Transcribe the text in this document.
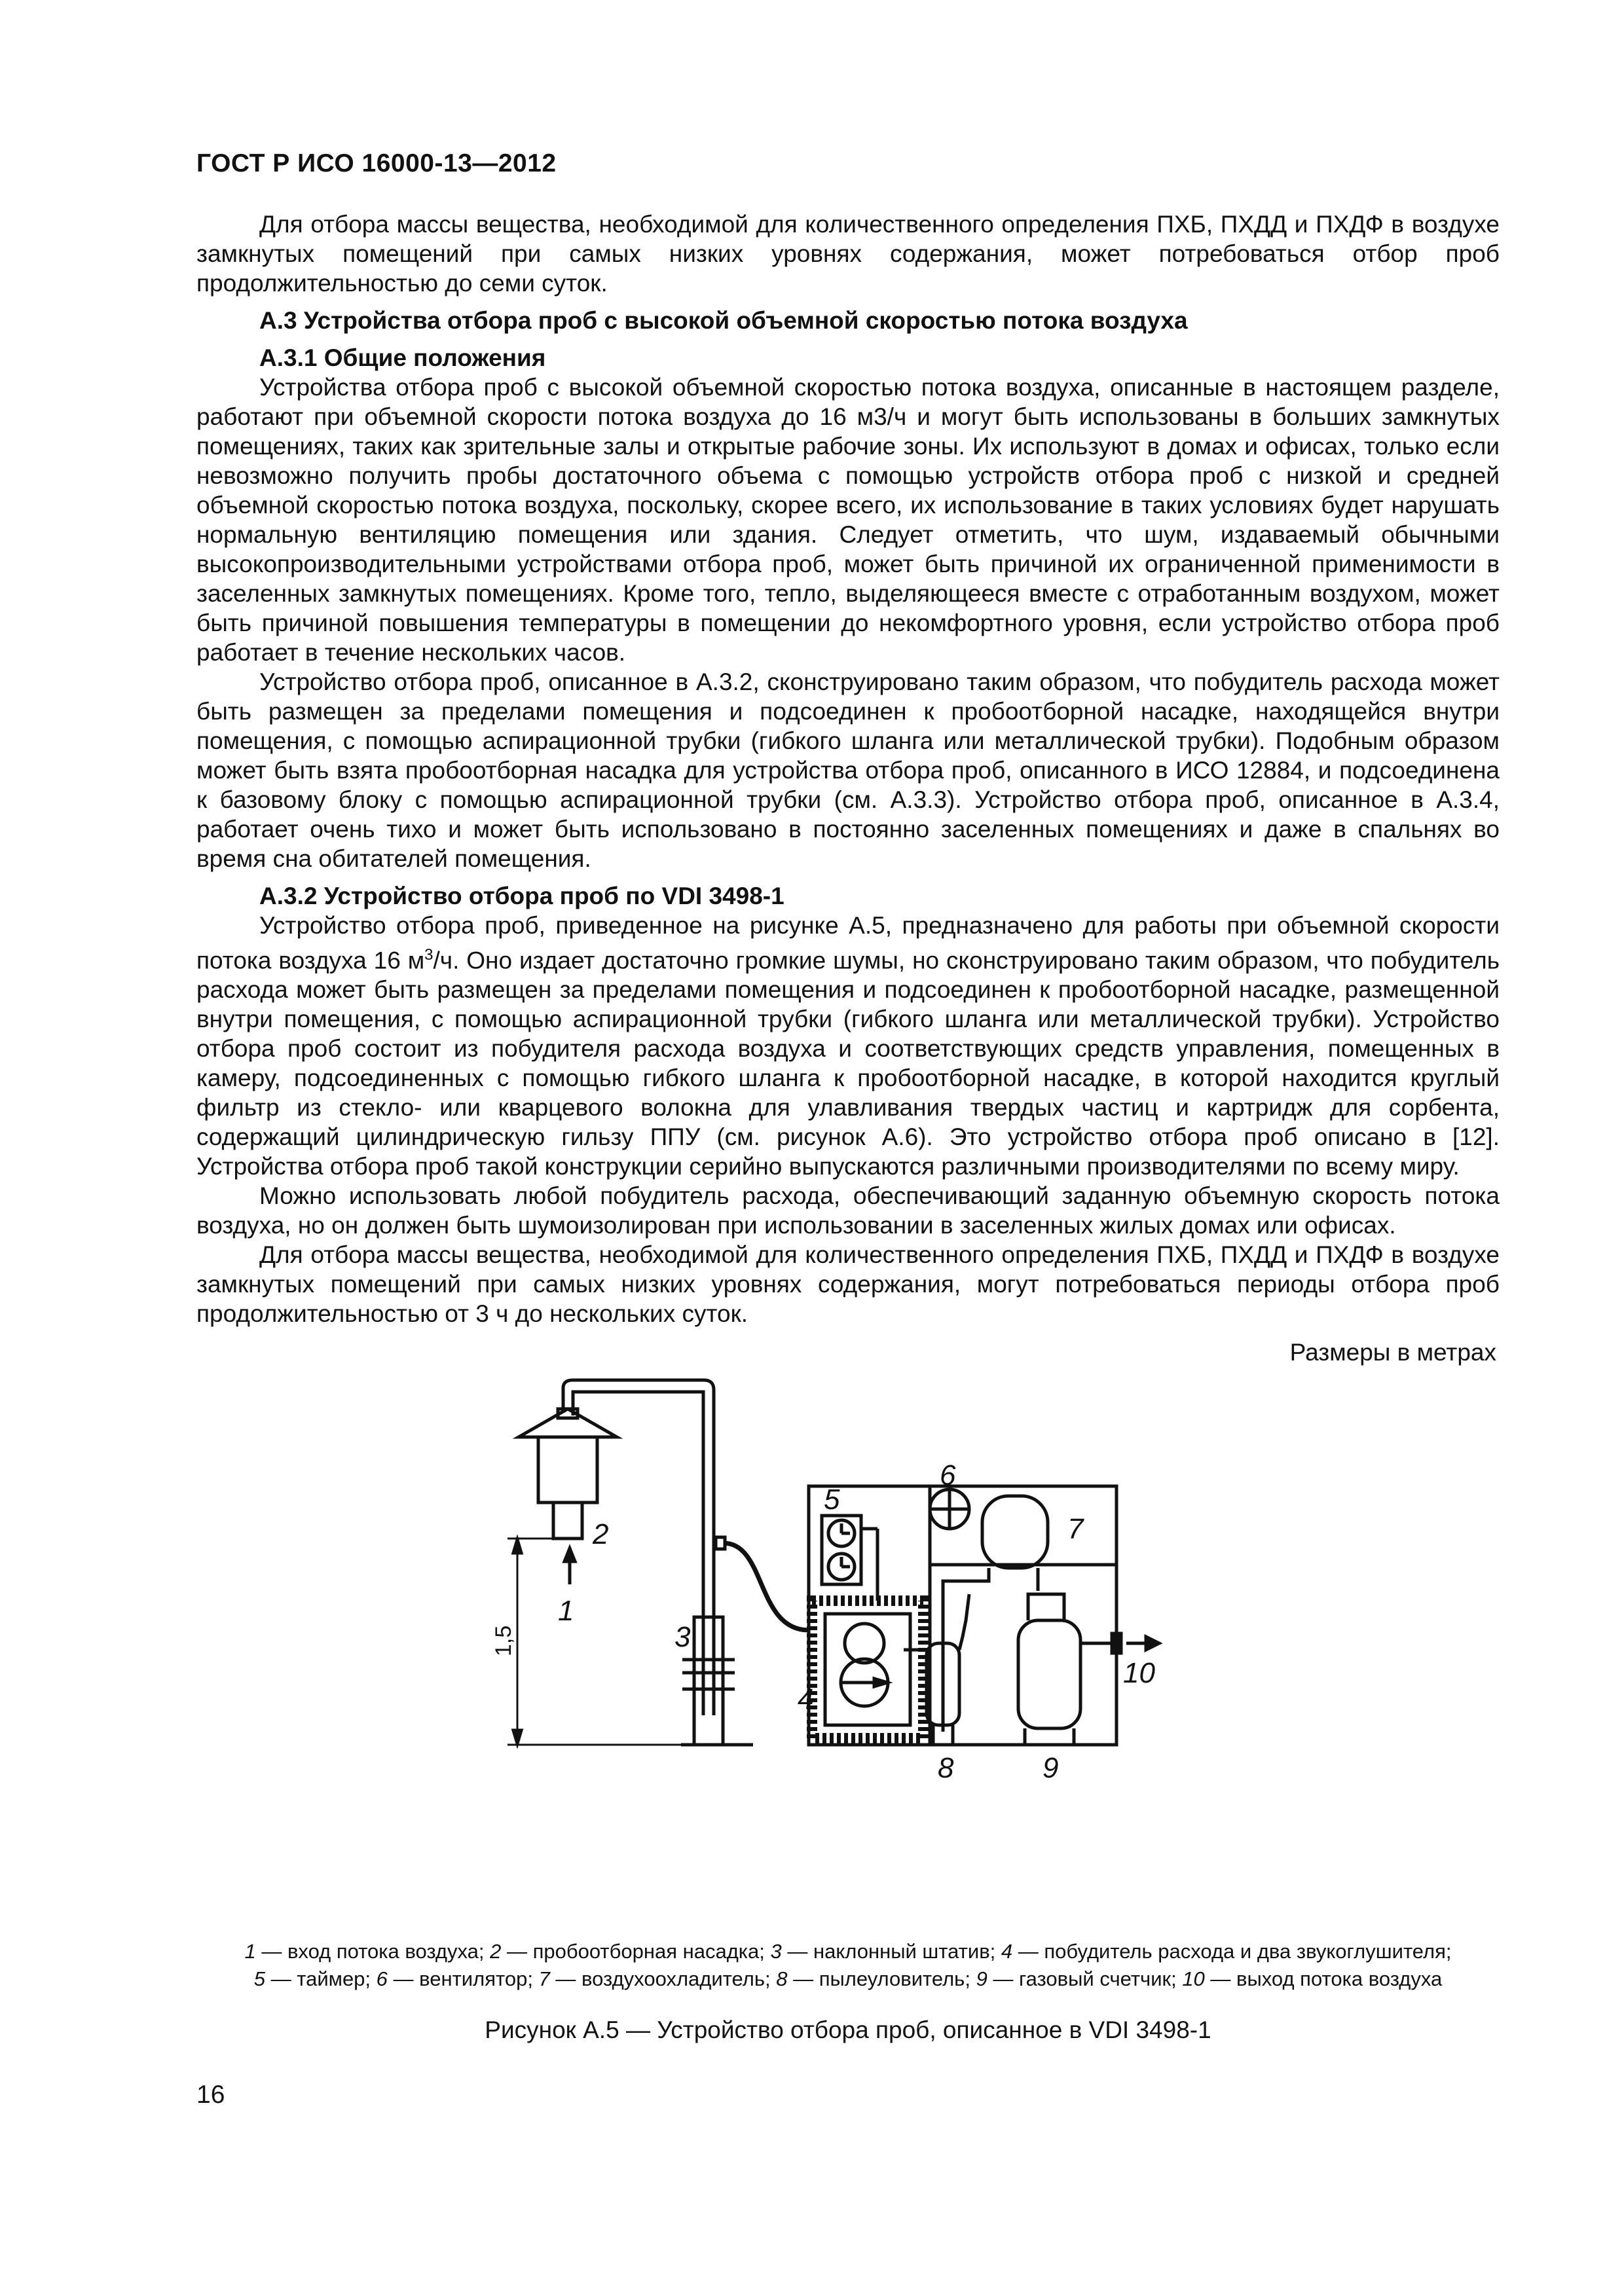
ГОСТ Р ИСО 16000-13—2012

Для отбора массы вещества, необходимой для количественного определения ПХБ, ПХДД и ПХДФ в воздухе замкнутых помещений при самых низких уровнях содержания, может потребоваться отбор проб продолжительностью до семи суток.

А.3 Устройства отбора проб с высокой объемной скоростью потока воздуха

А.3.1 Общие положения

Устройства отбора проб с высокой объемной скоростью потока воздуха, описанные в настоящем разделе, работают при объемной скорости потока воздуха до 16 м3/ч и могут быть использованы в больших замкнутых помещениях, таких как зрительные залы и открытые рабочие зоны. Их используют в домах и офисах, только если невозможно получить пробы достаточного объема с помощью устройств отбора проб с низкой и средней объемной скоростью потока воздуха, поскольку, скорее всего, их использование в таких условиях будет нарушать нормальную вентиляцию помещения или здания. Следует отметить, что шум, издаваемый обычными высокопроизводительными устройствами отбора проб, может быть причиной их ограниченной применимости в заселенных замкнутых помещениях. Кроме того, тепло, выделяющееся вместе с отработанным воздухом, может быть причиной повышения температуры в помещении до некомфортного уровня, если устройство отбора проб работает в течение нескольких часов.

Устройство отбора проб, описанное в А.3.2, сконструировано таким образом, что побудитель расхода может быть размещен за пределами помещения и подсоединен к пробоотборной насадке, находящейся внутри помещения, с помощью аспирационной трубки (гибкого шланга или металлической трубки). Подобным образом может быть взята пробоотборная насадка для устройства отбора проб, описанного в ИСО 12884, и подсоединена к базовому блоку с помощью аспирационной трубки (см. А.3.3). Устройство отбора проб, описанное в А.3.4, работает очень тихо и может быть использовано в постоянно заселенных помещениях и даже в спальнях во время сна обитателей помещения.

А.3.2 Устройство отбора проб по VDI 3498-1

Устройство отбора проб, приведенное на рисунке А.5, предназначено для работы при объемной скорости потока воздуха 16 $м^3/ч$. Оно издает достаточно громкие шумы, но сконструировано таким образом, что побудитель расхода может быть размещен за пределами помещения и подсоединен к пробоотборной насадке, размещенной внутри помещения, с помощью аспирационной трубки (гибкого шланга или металлической трубки). Устройство отбора проб состоит из побудителя расхода воздуха и соответствующих средств управления, помещенных в камеру, подсоединенных с помощью гибкого шланга к пробоотборной насадке, в которой находится круглый фильтр из стекло- или кварцевого волокна для улавливания твердых частиц и картридж для сорбента, содержащий цилиндрическую гильзу ППУ (см. рисунок А.6). Это устройство отбора проб описано в [12]. Устройства отбора проб такой конструкции серийно выпускаются различными производителями по всему миру.

Можно использовать любой побудитель расхода, обеспечивающий заданную объемную скорость потока воздуха, но он должен быть шумоизолирован при использовании в заселенных жилых домах или офисах.

Для отбора массы вещества, необходимой для количественного определения ПХБ, ПХДД и ПХДФ в воздухе замкнутых помещений при самых низких уровнях содержания, могут потребоваться периоды отбора проб продолжительностью от 3 ч до нескольких суток.

Размеры в метрах
1
2
3
4
5
6
7
8	9
10
1,5
1 — вход потока воздуха; 2 — пробоотборная насадка; 3 — наклонный штатив; 4 — побудитель расхода и два звукоглушителя;
5 — таймер; 6 — вентилятор; 7 — воздухоохладитель; 8 — пылеуловитель; 9 — газовый счетчик; 10 — выход потока воздуха
Рисунок А.5 — Устройство отбора проб, описанное в VDI 3498-1
16
